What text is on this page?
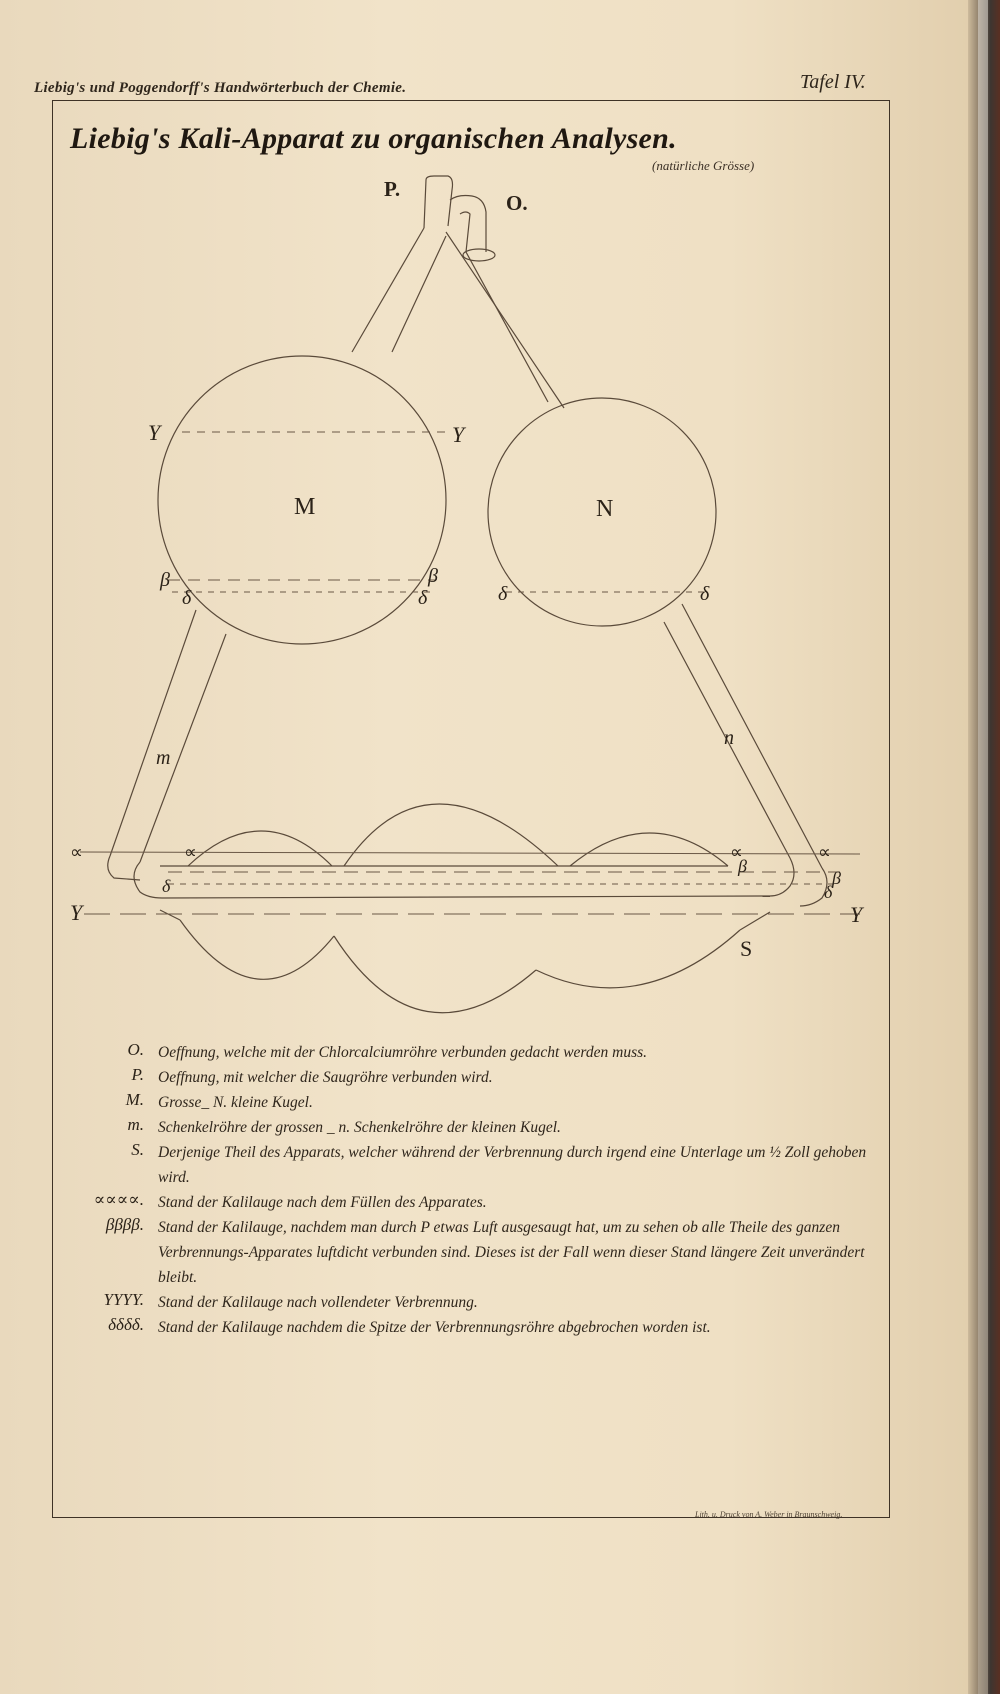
Liebig's und Poggendorff's Handwörterbuch der Chemie.	Tafel IV.
Liebig's Kali-Apparat zu organischen Analysen.
(natürliche Grösse)
P.
O.
M	N
m
n
S
Y	Y
Y	Y
β	β
δ	δ	δ	δ
∝	∝	∝	∝
δ
β
β
δ
O. Oeffnung, welche mit der Chlorcalciumröhre verbunden gedacht werden muss.
P. Oeffnung, mit welcher die Saugröhre verbunden wird.
M. Grosse_ N. kleine Kugel.
m. Schenkelröhre der grossen _ n. Schenkelröhre der kleinen Kugel.
S. Derjenige Theil des Apparats, welcher während der Verbrennung durch irgend eine Unterlage um ½ Zoll gehoben wird.
∝∝∝∝. Stand der Kalilauge nach dem Füllen des Apparates.
ββββ. Stand der Kalilauge, nachdem man durch P etwas Luft ausgesaugt hat, um zu sehen ob alle Theile des ganzen Verbrennungs-Apparates luftdicht verbunden sind. Dieses ist der Fall wenn dieser Stand längere Zeit unverändert bleibt.
YYYY. Stand der Kalilauge nach vollendeter Verbrennung.
δδδδ. Stand der Kalilauge nachdem die Spitze der Verbrennungsröhre abgebrochen worden ist.
Lith. u. Druck von A. Weber in Braunschweig.
